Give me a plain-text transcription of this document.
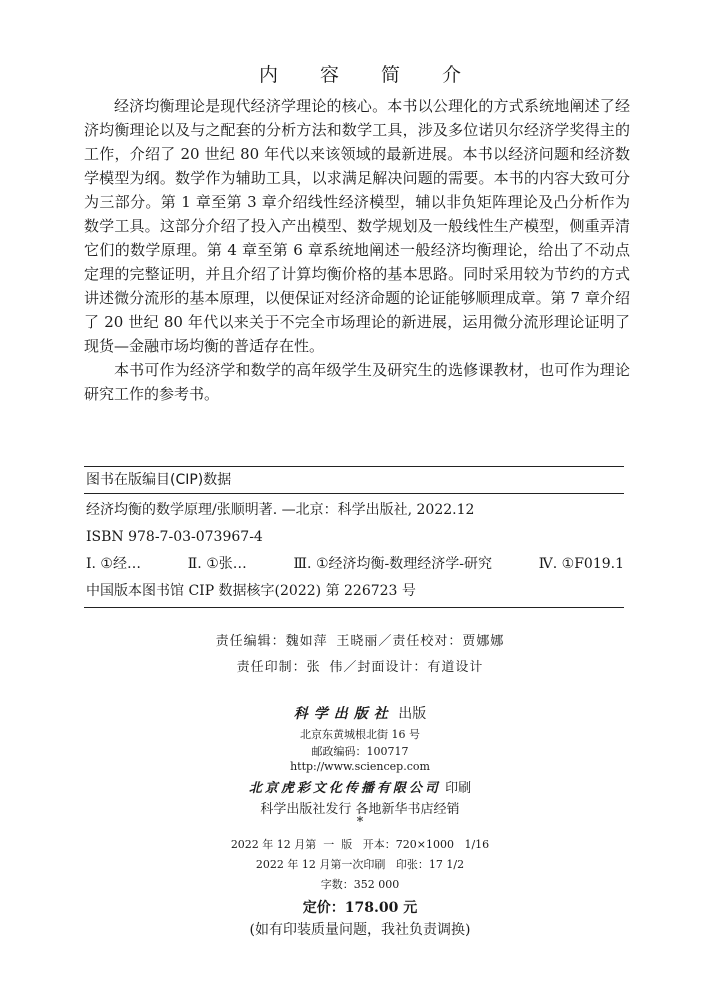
内 容 简 介

经济均衡理论是现代经济学理论的核心。本书以公理化的方式系统地阐述了经济均衡理论以及与之配套的分析方法和数学工具，涉及多位诺贝尔经济学奖得主的工作，介绍了 20 世纪 80 年代以来该领域的最新进展。本书以经济问题和经济数学模型为纲。数学作为辅助工具，以求满足解决问题的需要。本书的内容大致可分为三部分。第 1 章至第 3 章介绍线性经济模型，辅以非负矩阵理论及凸分析作为数学工具。这部分介绍了投入产出模型、数学规划及一般线性生产模型，侧重弄清它们的数学原理。第 4 章至第 6 章系统地阐述一般经济均衡理论，给出了不动点定理的完整证明，并且介绍了计算均衡价格的基本思路。同时采用较为节约的方式讲述微分流形的基本原理，以便保证对经济命题的论证能够顺理成章。第 7 章介绍了 20 世纪 80 年代以来关于不完全市场理论的新进展，运用微分流形理论证明了现货—金融市场均衡的普适存在性。

本书可作为经济学和数学的高年级学生及研究生的选修课教材，也可作为理论研究工作的参考书。

图书在版编目(CIP)数据
经济均衡的数学原理/张顺明著. —北京：科学出版社, 2022.12
ISBN 978-7-03-073967-4
Ⅰ. ①经…	Ⅱ. ①张…	Ⅲ. ①经济均衡-数理经济学-研究	Ⅳ. ①F019.1
中国版本图书馆 CIP 数据核字(2022) 第 226723 号
责任编辑：魏如萍 王晓丽／责任校对：贾娜娜
责任印制：张 伟／封面设计：有道设计
科学出版社 出版
北京东黄城根北街 16 号
邮政编码：100717
http://www.sciencep.com
北京虎彩文化传播有限公司 印刷
科学出版社发行 各地新华书店经销
*
2022 年 12 月第  一  版   开本：720×1000   1/16
2022 年 12 月第一次印刷   印张：17 1/2
字数：352 000
定价：178.00 元
(如有印装质量问题，我社负责调换)
